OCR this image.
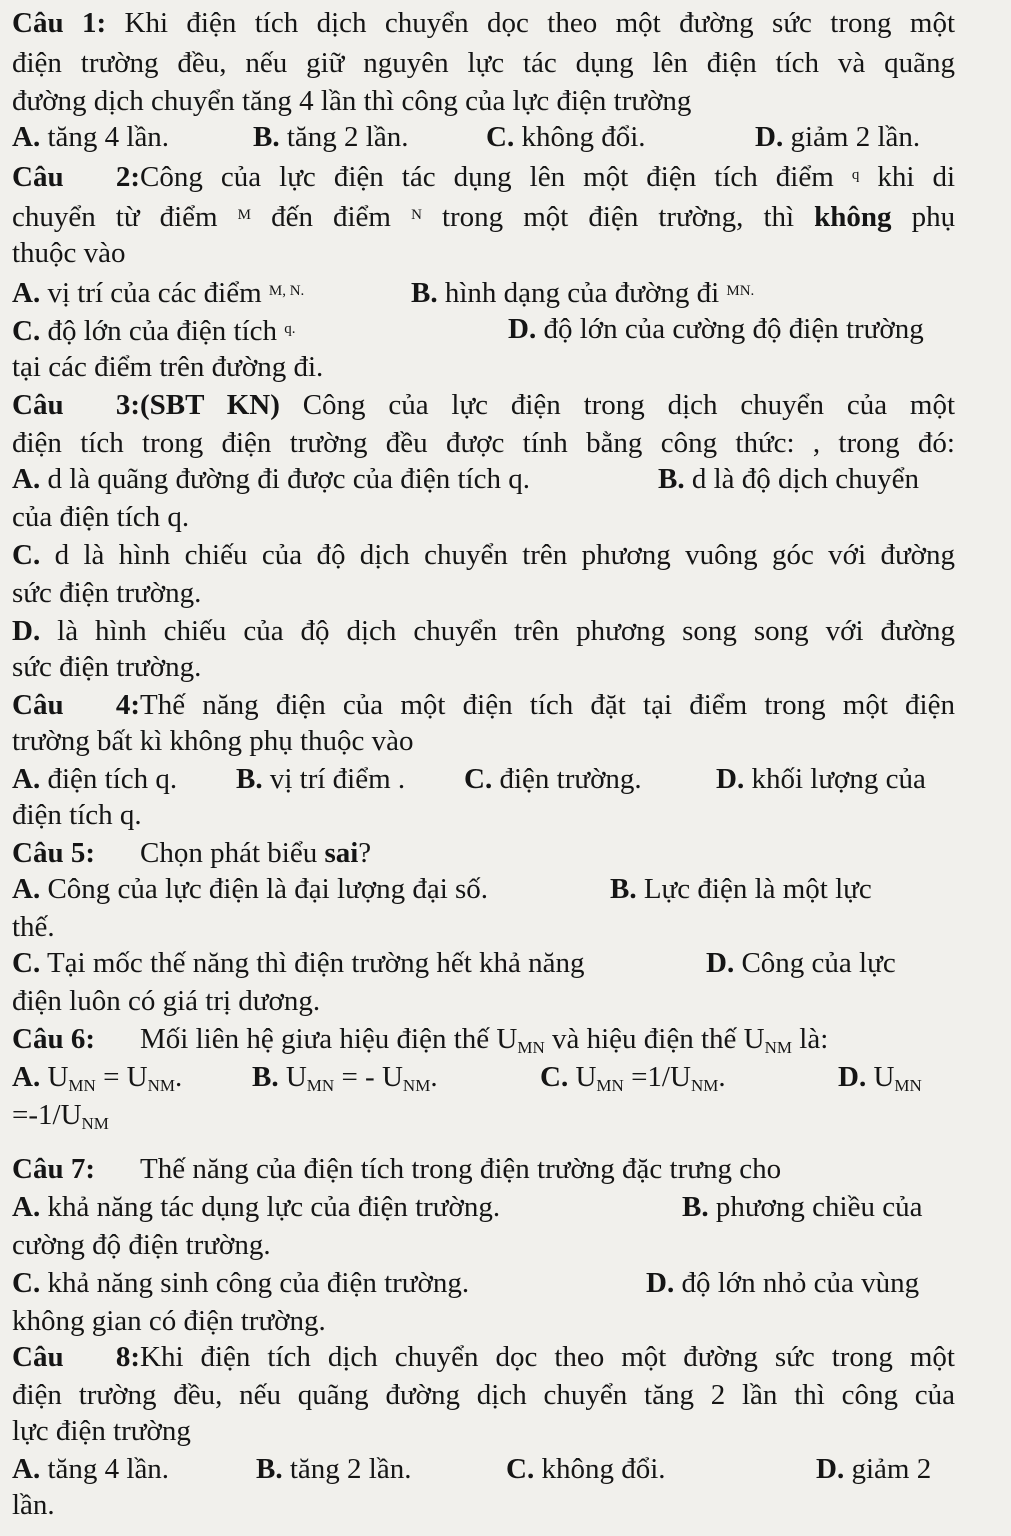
Câu 1: Khi điện tích dịch chuyển dọc theo một đường sức trong một
điện trường đều, nếu giữ nguyên lực tác dụng lên điện tích và quãng
đường dịch chuyển tăng 4 lần thì công của lực điện trường
A. tăng 4 lần.	B. tăng 2 lần.	C. không đổi.	D. giảm 2 lần.
Câu 2:Công của lực điện tác dụng lên một điện tích điểm $^q$ khi di
chuyển từ điểm $^M$ đến điểm $^N$ trong một điện trường, thì không phụ
thuộc vào
A. vị trí của các điểm $^{M, N.}$	B. hình dạng của đường đi $^{MN.}$
C. độ lớn của điện tích $^{q.}$	D. độ lớn của cường độ điện trường
tại các điểm trên đường đi.
Câu 3:(SBT KN) Công của lực điện trong dịch chuyển của một
điện tích trong điện trường đều được tính bằng công thức: , trong đó:
A. d là quãng đường đi được của điện tích q.	B. d là độ dịch chuyển
của điện tích q.
C. d là hình chiếu của độ dịch chuyển trên phương vuông góc với đường
sức điện trường.
D. là hình chiếu của độ dịch chuyển trên phương song song với đường
sức điện trường.
Câu 4:Thế năng điện của một điện tích đặt tại điểm trong một điện
trường bất kì không phụ thuộc vào
A. điện tích q. B. vị trí điểm . C. điện trường.	D. khối lượng của
điện tích q.
Câu 5: Chọn phát biểu sai?
A. Công của lực điện là đại lượng đại số.	B. Lực điện là một lực
thế.
C. Tại mốc thế năng thì điện trường hết khả năng	D. Công của lực
điện luôn có giá trị dương.
Câu 6: Mối liên hệ giưa hiệu điện thế $U_{MN}$ và hiệu điện thế $U_{NM}$ là:
A. $U_{MN} = U_{NM}$. B. $U_{MN}$ = - $U_{NM}$.	C. $U_{MN} =1/U_{NM}$.	D. $U_{MN}$
$=-1/U_{NM}$
Câu 7: Thế năng của điện tích trong điện trường đặc trưng cho
A. khả năng tác dụng lực của điện trường.	B. phương chiều của
cường độ điện trường.
C. khả năng sinh công của điện trường.	D. độ lớn nhỏ của vùng
không gian có điện trường.
Câu 8:Khi điện tích dịch chuyển dọc theo một đường sức trong một
điện trường đều, nếu quãng đường dịch chuyển tăng 2 lần thì công của
lực điện trường
A. tăng 4 lần.	B. tăng 2 lần.	C. không đổi.	D. giảm 2
lần.
